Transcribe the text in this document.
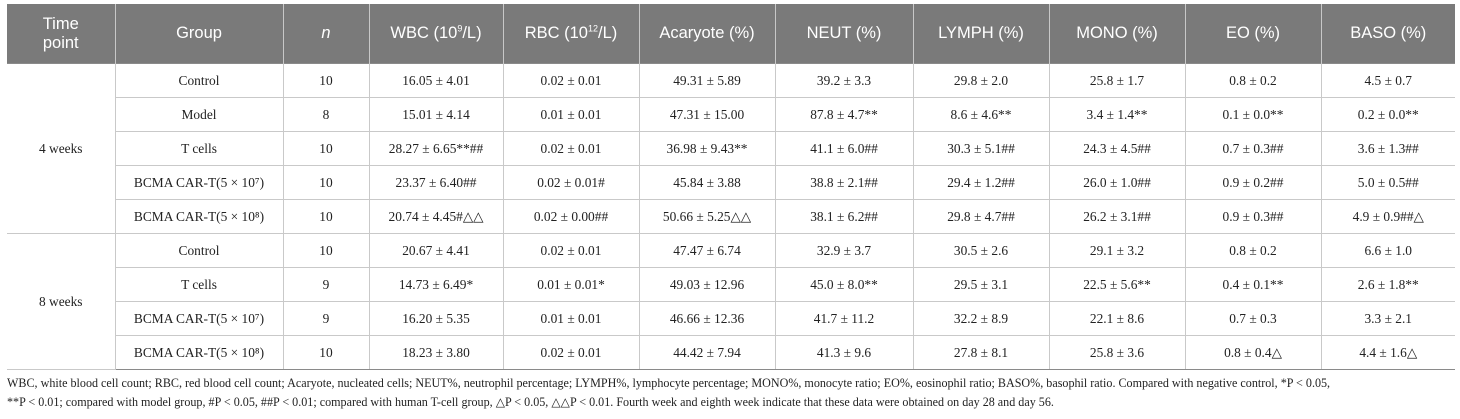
Time
point	Group	n	WBC $(10^9/L)$	RBC $(10^{12}/L)$	Acaryote (%)	NEUT (%)	LYMPH (%)	MONO (%)	EO (%)	BASO (%)
4 weeks	Control	10	16.05 ± 4.01	0.02 ± 0.01	49.31 ± 5.89	39.2 ± 3.3	29.8 ± 2.0	25.8 ± 1.7	0.8 ± 0.2	4.5 ± 0.7
	Model	8	15.01 ± 4.14	0.01 ± 0.01	47.31 ± 15.00	87.8 ± 4.7**	8.6 ± 4.6**	3.4 ± 1.4**	0.1 ± 0.0**	0.2 ± 0.0**
	T cells	10	28.27 ± 6.65**##	0.02 ± 0.01	36.98 ± 9.43**	41.1 ± 6.0##	30.3 ± 5.1##	24.3 ± 4.5##	0.7 ± 0.3##	3.6 ± 1.3##
	BCMA CAR-T(5 × 10⁷)	10	23.37 ± 6.40##	0.02 ± 0.01#	45.84 ± 3.88	38.8 ± 2.1##	29.4 ± 1.2##	26.0 ± 1.0##	0.9 ± 0.2##	5.0 ± 0.5##
	BCMA CAR-T(5 × 10⁸)	10	20.74 ± 4.45#△△	0.02 ± 0.00##	50.66 ± 5.25△△	38.1 ± 6.2##	29.8 ± 4.7##	26.2 ± 3.1##	0.9 ± 0.3##	4.9 ± 0.9##△
8 weeks	Control	10	20.67 ± 4.41	0.02 ± 0.01	47.47 ± 6.74	32.9 ± 3.7	30.5 ± 2.6	29.1 ± 3.2	0.8 ± 0.2	6.6 ± 1.0
	T cells	9	14.73 ± 6.49*	0.01 ± 0.01*	49.03 ± 12.96	45.0 ± 8.0**	29.5 ± 3.1	22.5 ± 5.6**	0.4 ± 0.1**	2.6 ± 1.8**
	BCMA CAR-T(5 × 10⁷)	9	16.20 ± 5.35	0.01 ± 0.01	46.66 ± 12.36	41.7 ± 11.2	32.2 ± 8.9	22.1 ± 8.6	0.7 ± 0.3	3.3 ± 2.1
	BCMA CAR-T(5 × 10⁸)	10	18.23 ± 3.80	0.02 ± 0.01	44.42 ± 7.94	41.3 ± 9.6	27.8 ± 8.1	25.8 ± 3.6	0.8 ± 0.4△	4.4 ± 1.6△
WBC, white blood cell count; RBC, red blood cell count; Acaryote, nucleated cells; NEUT%, neutrophil percentage; LYMPH%, lymphocyte percentage; MONO%, monocyte ratio; EO%, eosinophil ratio; BASO%, basophil ratio. Compared with negative control, *P < 0.05,
**P < 0.01; compared with model group, #P < 0.05, ##P < 0.01; compared with human T-cell group, △P < 0.05, △△P < 0.01. Fourth week and eighth week indicate that these data were obtained on day 28 and day 56.
